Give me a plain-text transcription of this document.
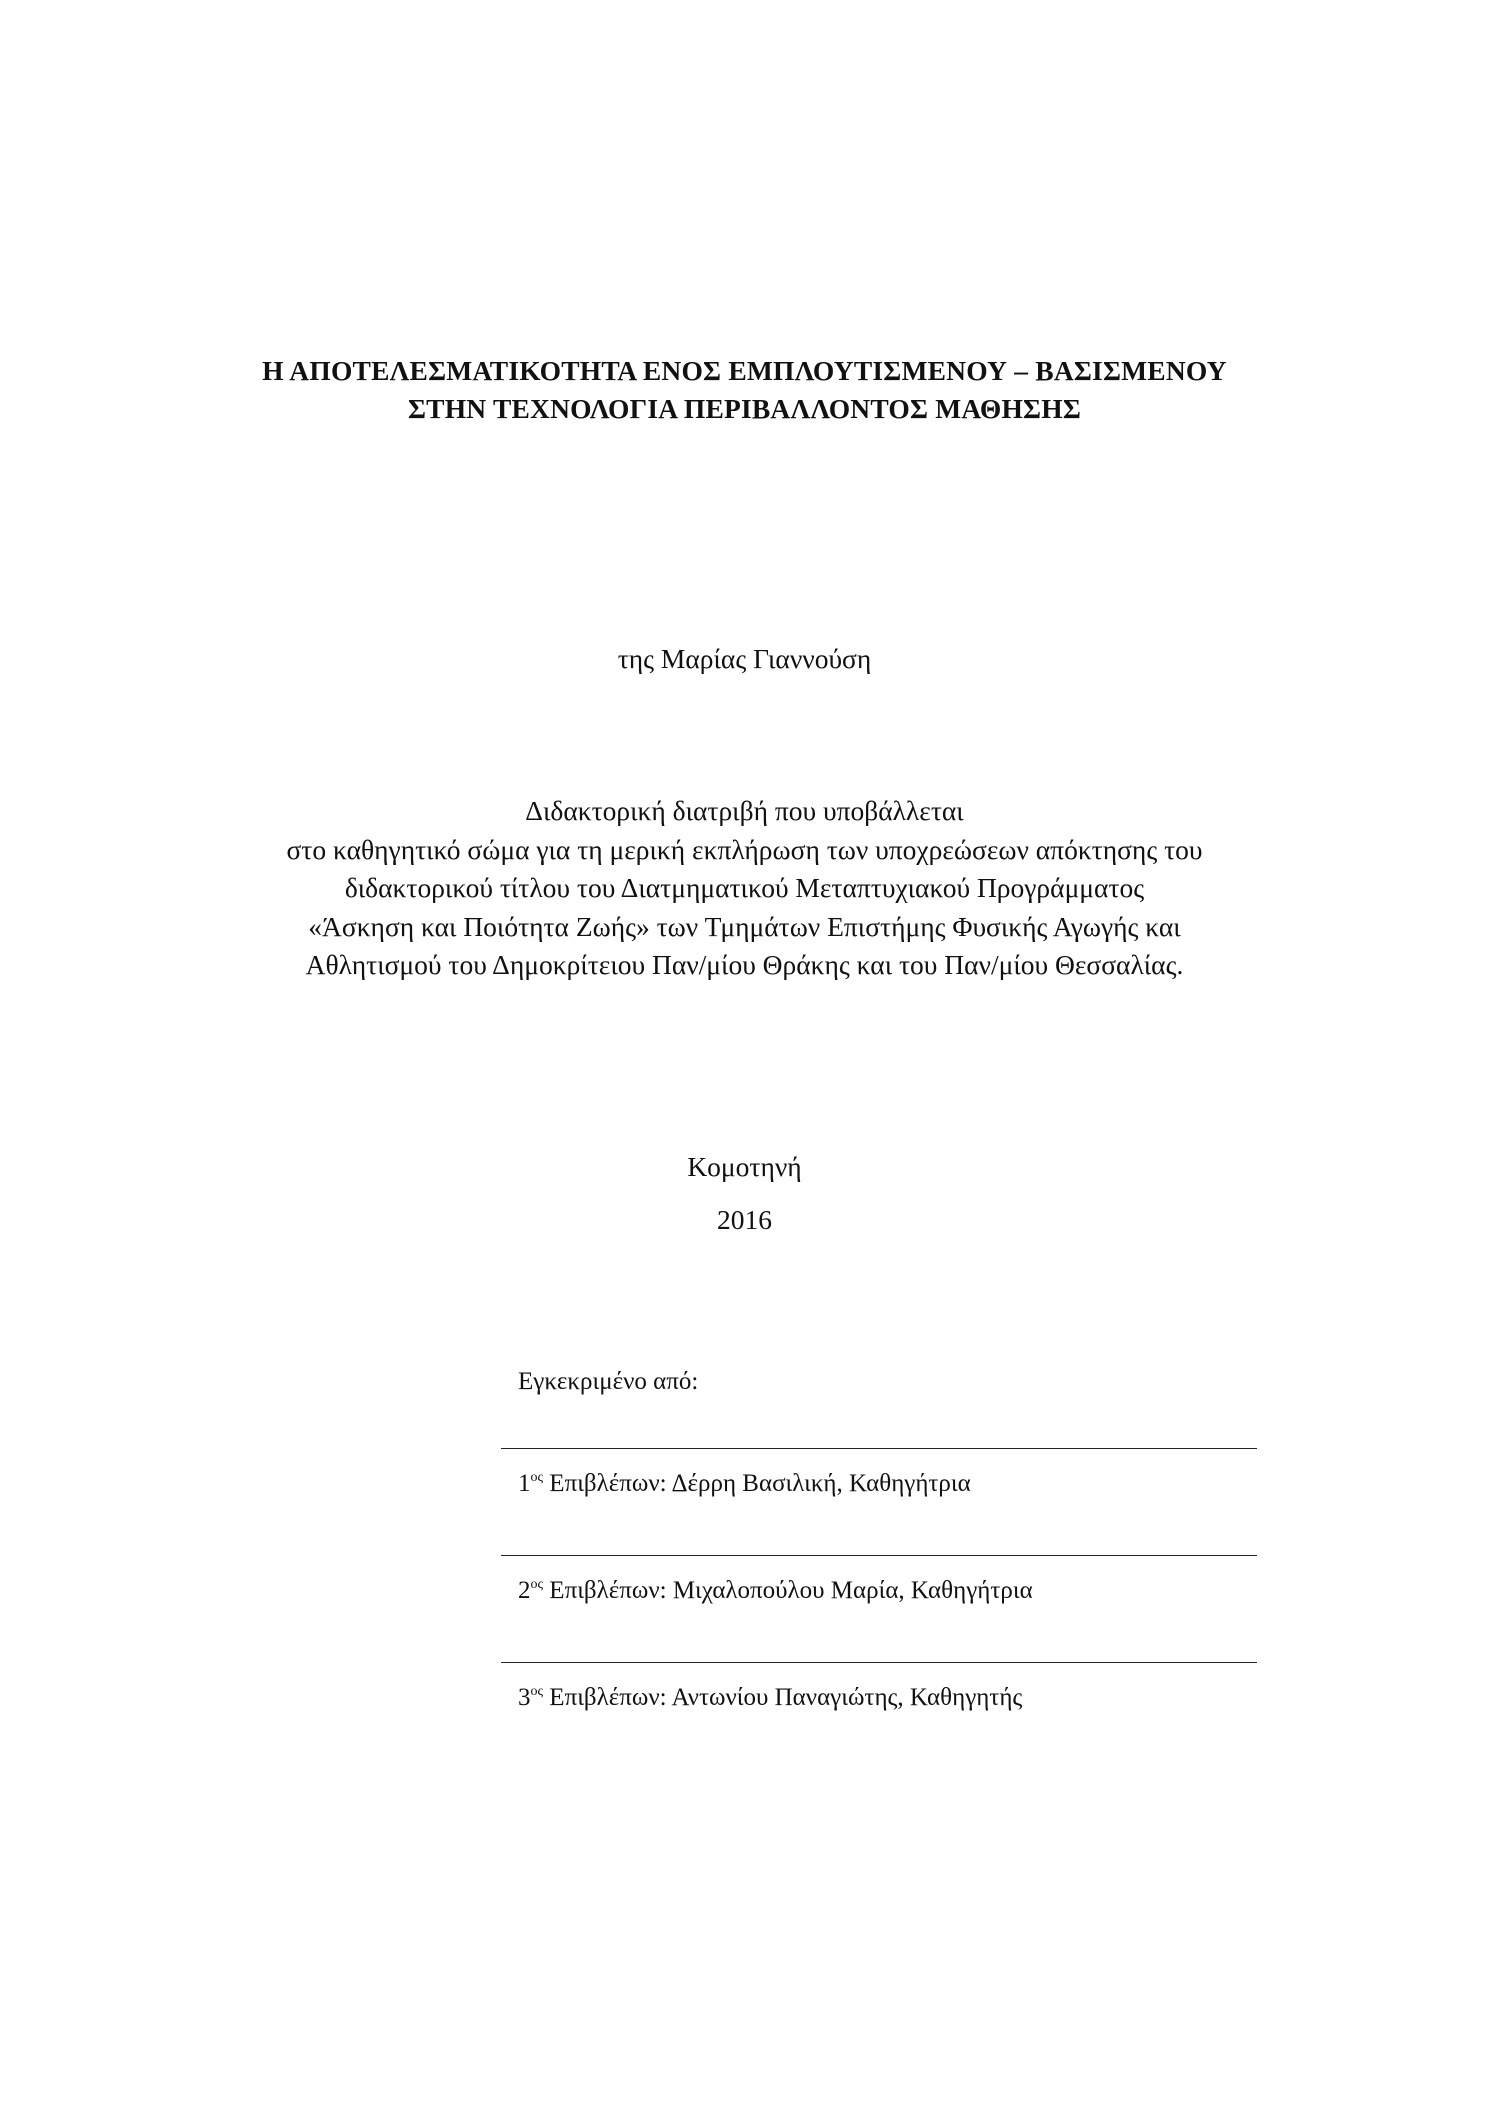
Η ΑΠΟΤΕΛΕΣΜΑΤΙΚΟΤΗΤΑ ΕΝΟΣ ΕΜΠΛΟΥΤΙΣΜΕΝΟΥ – ΒΑΣΙΣΜΕΝΟΥ
ΣΤΗΝ ΤΕΧΝΟΛΟΓΙΑ ΠΕΡΙΒΑΛΛΟΝΤΟΣ ΜΑΘΗΣΗΣ
της Μαρίας Γιαννούση
Διδακτορική διατριβή που υποβάλλεται
στο καθηγητικό σώμα για τη μερική εκπλήρωση των υποχρεώσεων απόκτησης του
διδακτορικού τίτλου του Διατμηματικού Μεταπτυχιακού Προγράμματος
«Άσκηση και Ποιότητα Ζωής» των Τμημάτων Επιστήμης Φυσικής Αγωγής και
Αθλητισμού του Δημοκρίτειου Παν/μίου Θράκης και του Παν/μίου Θεσσαλίας.
Κομοτηνή
2016
Εγκεκριμένο από:
$1^{o\varsigma}$ Επιβλέπων: Δέρρη Βασιλική, Καθηγήτρια
$2^{o\varsigma}$ Επιβλέπων: Μιχαλοπούλου Μαρία, Καθηγήτρια
$3^{o\varsigma}$ Επιβλέπων: Αντωνίου Παναγιώτης, Καθηγητής
